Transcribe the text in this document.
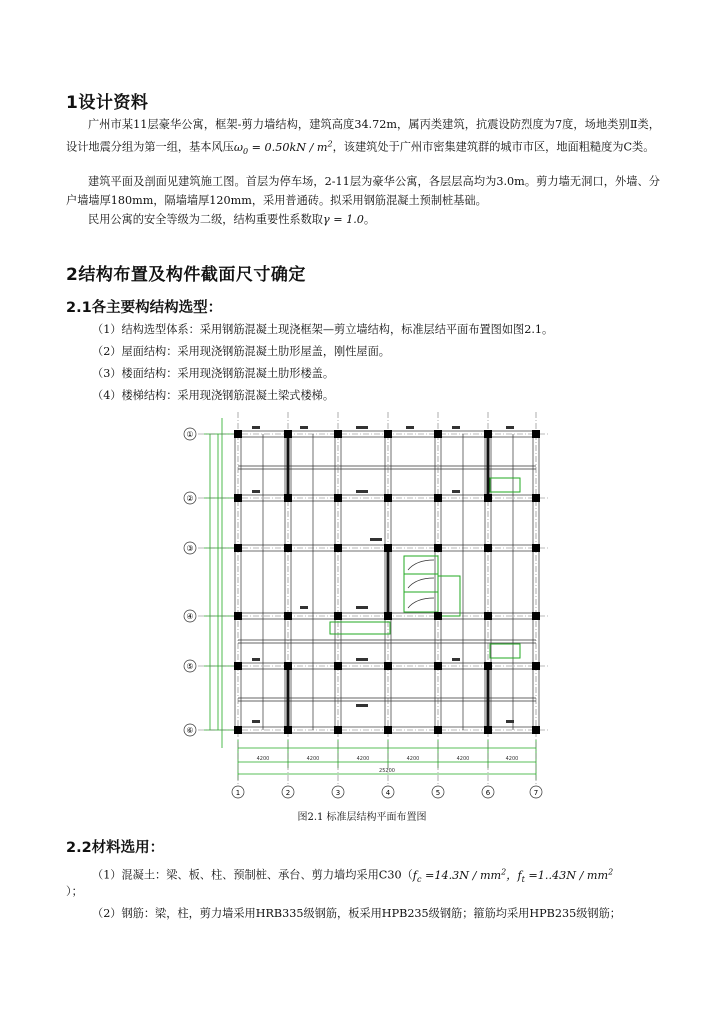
1设计资料

广州市某11层豪华公寓，框架-剪力墙结构，建筑高度34.72m，属丙类建筑，抗震设防烈度为7度，场地类别Ⅱ类，设计地震分组为第一组，基本风压$\omega_0 = 0.50kN / m^2$，该建筑处于广州市密集建筑群的城市市区，地面粗糙度为C类。

建筑平面及剖面见建筑施工图。首层为停车场，2-11层为豪华公寓，各层层高均为3.0m。剪力墙无洞口，外墙、分户墙墙厚180mm，隔墙墙厚120mm，采用普通砖。拟采用钢筋混凝土预制桩基础。

民用公寓的安全等级为二级，结构重要性系数取γ = 1.0。

2结构布置及构件截面尺寸确定
2.1各主要构结构选型：

（1）结构选型体系：采用钢筋混凝土现浇框架—剪立墙结构，标准层结平面布置图如图2.1。

（2）屋面结构：采用现浇钢筋混凝土肋形屋盖，刚性屋面。

（3）楼面结构：采用现浇钢筋混凝土肋形楼盖。

（4）楼梯结构：采用现浇钢筋混凝土梁式楼梯。

①
②
③
④
⑤
⑥
1	2	3	4	5	6	7
4200	4200	4200	4200	4200	4200
25200
图2.1 标准层结构平面布置图
2.2材料选用：

（1）混凝土：梁、板、柱、预制桩、承台、剪力墙均采用$C30(f_c =14.3N / mm^2$，$f_t =1..43N / mm^2$

）；

（2）钢筋：梁，柱，剪力墙采用HRB335级钢筋，板采用HPB235级钢筋；箍筋均采用HPB235级钢筋；
